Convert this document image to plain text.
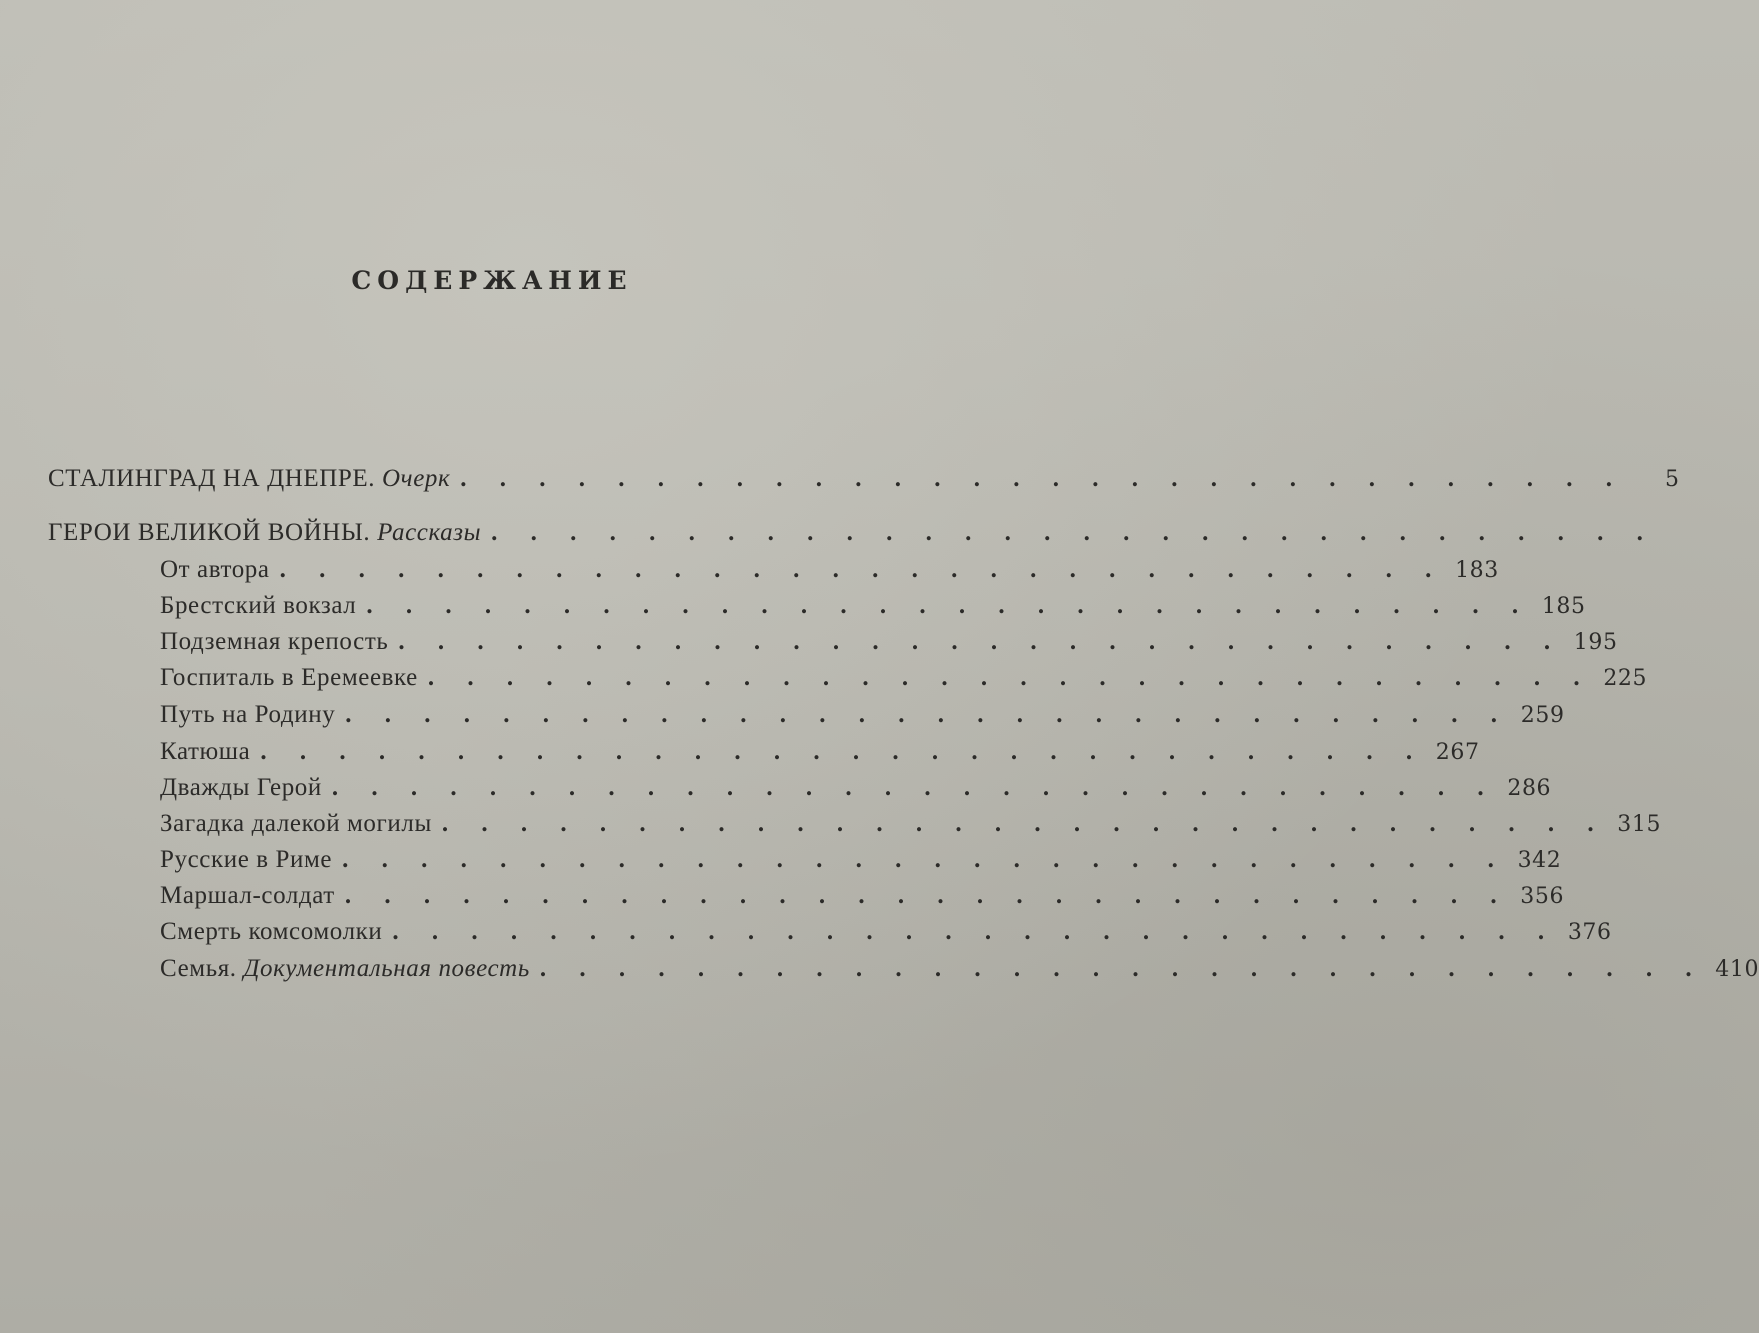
СОДЕРЖАНИЕ
СТАЛИНГРАД НА ДНЕПРЕ. Очерк . . . . . . . . . . . . . . . . . . . . . . . . . . . . . .	5
ГЕРОИ ВЕЛИКОЙ ВОЙНЫ. Рассказы . . . . . . . . . . . . . . . . . . . . . . . . . . . . . .
От автора . . . . . . . . . . . . . . . . . . . . . . . . . . . . . . 183
Брестский вокзал . . . . . . . . . . . . . . . . . . . . . . . . . . . . . . 185
Подземная крепость . . . . . . . . . . . . . . . . . . . . . . . . . . . . . . 195
Госпиталь в Еремеевке . . . . . . . . . . . . . . . . . . . . . . . . . . . . . . 225
Путь на Родину . . . . . . . . . . . . . . . . . . . . . . . . . . . . . . 259
Катюша . . . . . . . . . . . . . . . . . . . . . . . . . . . . . . 267
Дважды Герой . . . . . . . . . . . . . . . . . . . . . . . . . . . . . . 286
Загадка далекой могилы . . . . . . . . . . . . . . . . . . . . . . . . . . . . . . 315
Русские в Риме . . . . . . . . . . . . . . . . . . . . . . . . . . . . . . 342
Маршал-солдат . . . . . . . . . . . . . . . . . . . . . . . . . . . . . . 356
Смерть комсомолки . . . . . . . . . . . . . . . . . . . . . . . . . . . . . . 376
Семья. Документальная повесть . . . . . . . . . . . . . . . . . . . . . . . . . . . . . . 410
